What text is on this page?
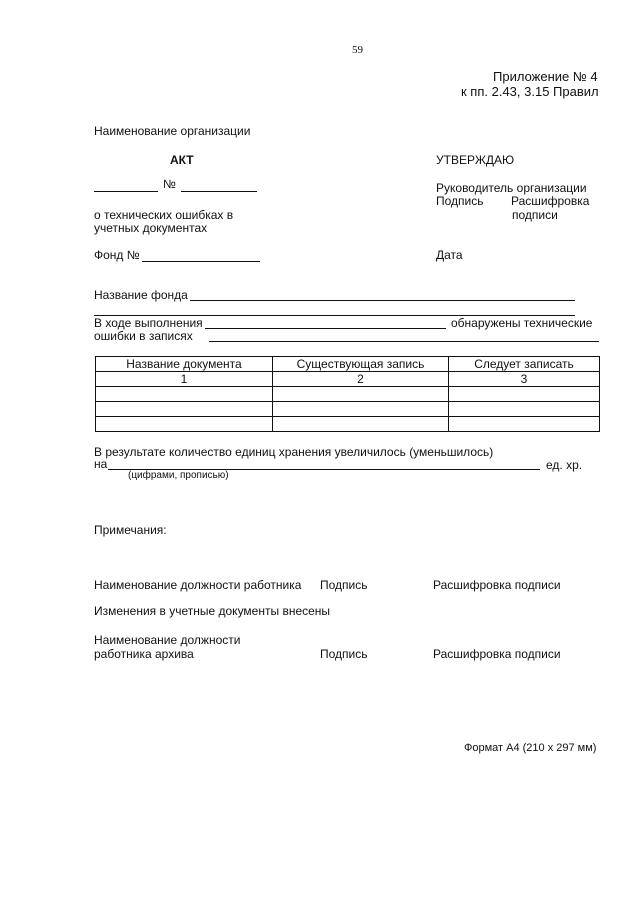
59
Приложение № 4
к пп. 2.43, 3.15 Правил
Наименование организации
АКТ
№
о технических ошибках в
учетных документах
Фонд №
УТВЕРЖДАЮ
Руководитель организации
Подпись Расшифровка
подписи
Дата
Название фонда
В ходе выполнения	обнаружены технические
ошибки в записях
Название документа	Существующая запись	Следует записать
1	2	3

В результате количество единиц хранения увеличилось (уменьшилось)
на	ед. хр.
(цифрами, прописью)
Примечания:
Наименование должности работника Подпись	Расшифровка подписи
Изменения в учетные документы внесены
Наименование должности
работника архива	Подпись	Расшифровка подписи
Формат А4 (210 х 297 мм)
